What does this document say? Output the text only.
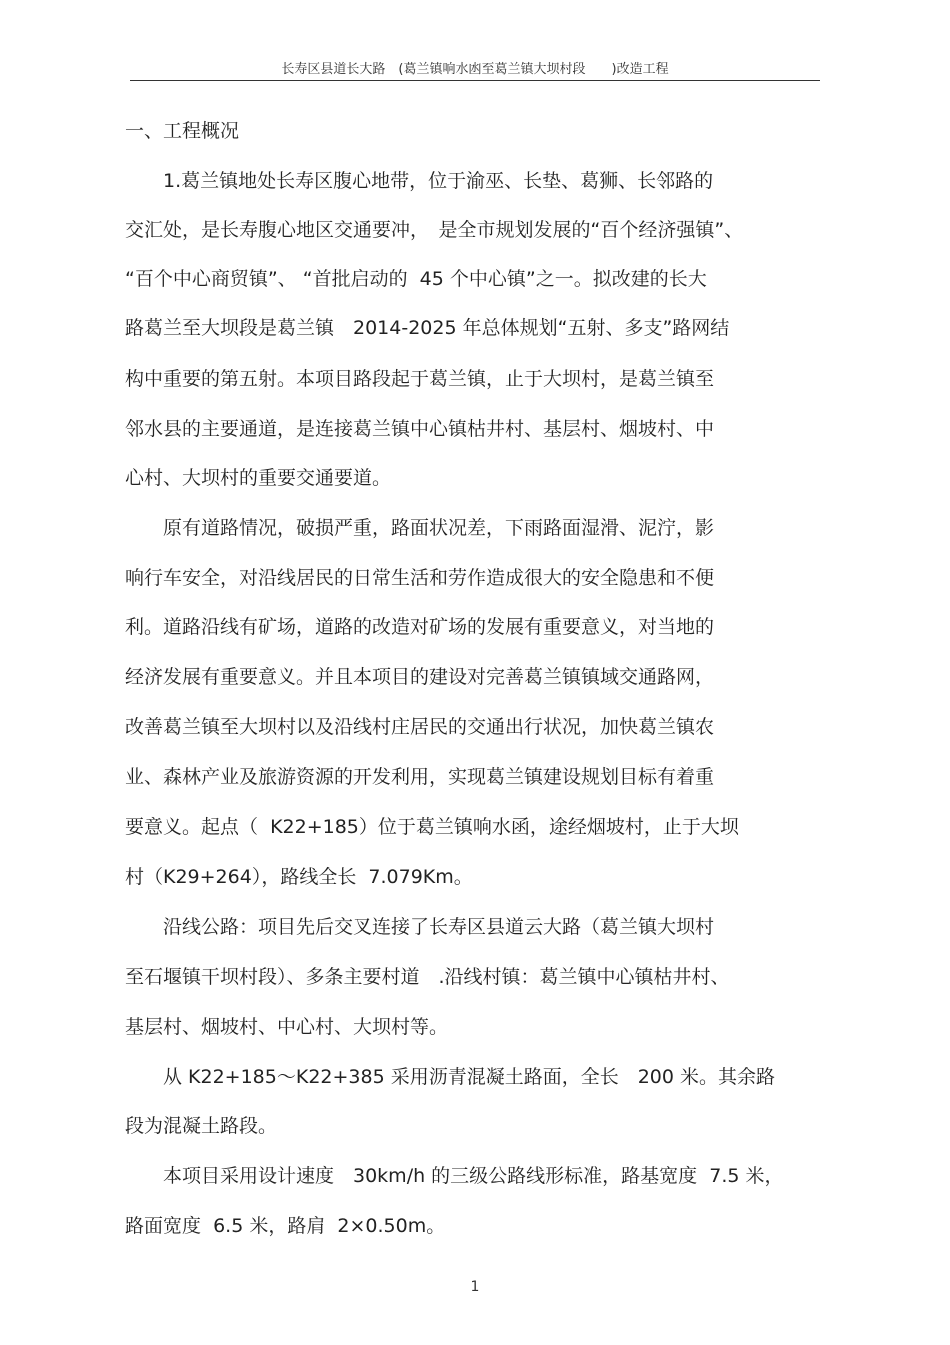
长寿区县道长大路　(葛兰镇响水凼至葛兰镇大坝村段　　)改造工程
一、工程概况
　　1.葛兰镇地处长寿区腹心地带，位于渝巫、长垫、葛狮、长邻路的
交汇处，是长寿腹心地区交通要冲，　是全市规划发展的“百个经济强镇”、
“百个中心商贸镇”、 “首批启动的  45 个中心镇”之一。拟改建的长大
路葛兰至大坝段是葛兰镇　2014-2025 年总体规划“五射、多支”路网结
构中重要的第五射。本项目路段起于葛兰镇，止于大坝村，是葛兰镇至
邻水县的主要通道，是连接葛兰镇中心镇枯井村、基层村、烟坡村、中
心村、大坝村的重要交通要道。
　　原有道路情况，破损严重，路面状况差，下雨路面湿滑、泥泞，影
响行车安全，对沿线居民的日常生活和劳作造成很大的安全隐患和不便
利。道路沿线有矿场，道路的改造对矿场的发展有重要意义，对当地的
经济发展有重要意义。并且本项目的建设对完善葛兰镇镇域交通路网，
改善葛兰镇至大坝村以及沿线村庄居民的交通出行状况，加快葛兰镇农
业、森林产业及旅游资源的开发利用，实现葛兰镇建设规划目标有着重
要意义。起点（  K22+185）位于葛兰镇响水函，途经烟坡村，止于大坝
村（K29+264），路线全长  7.079Km。
　　沿线公路：项目先后交叉连接了长寿区县道云大路（葛兰镇大坝村
至石堰镇干坝村段）、多条主要村道　.沿线村镇：葛兰镇中心镇枯井村、
基层村、烟坡村、中心村、大坝村等。
　　从 K22+185～K22+385 采用沥青混凝土路面，全长　200 米。其余路
段为混凝土路段。
　　本项目采用设计速度　30km/h 的三级公路线形标准，路基宽度  7.5 米，
路面宽度  6.5 米，路肩  2×0.50m。
1
